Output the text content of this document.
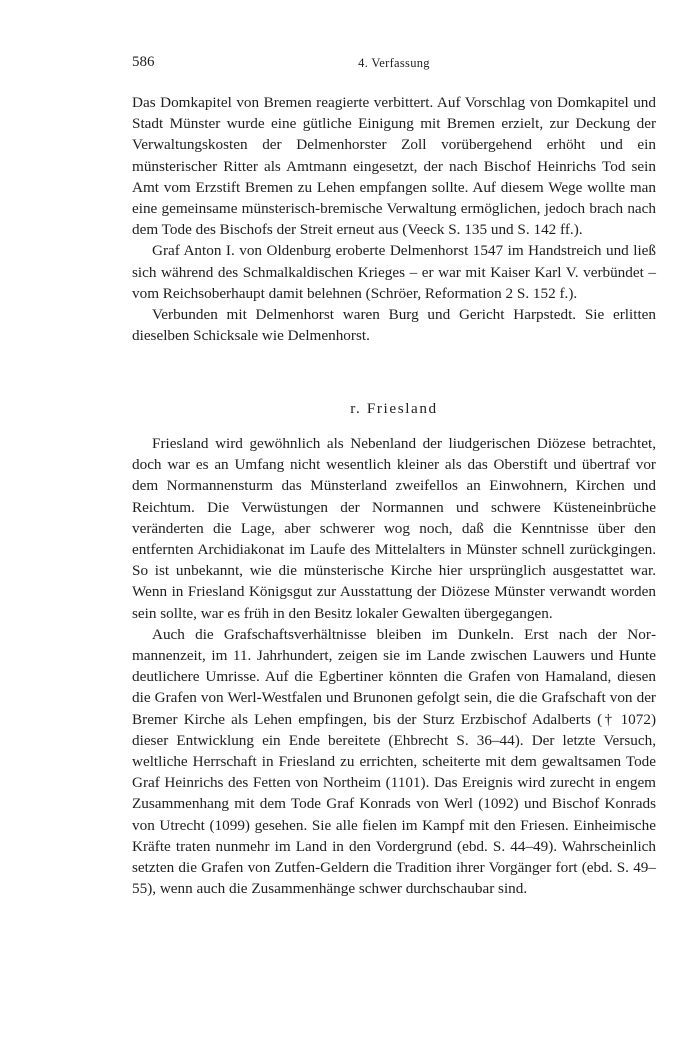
586	4. Verfassung

Das Domkapitel von Bremen reagierte verbittert. Auf Vorschlag von Domkapitel und Stadt Münster wurde eine gütliche Einigung mit Bremen erzielt, zur Deckung der Verwaltungskosten der Delmenhorster Zoll vorübergehend erhöht und ein münsterischer Ritter als Amtmann eingesetzt, der nach Bischof Heinrichs Tod sein Amt vom Erzstift Bremen zu Lehen empfangen sollte. Auf diesem Wege wollte man eine gemeinsame münsterisch-bremische Verwaltung ermöglichen, jedoch brach nach dem Tode des Bischofs der Streit erneut aus (Veeck S. 135 und S. 142 ff.).

Graf Anton I. von Oldenburg eroberte Delmenhorst 1547 im Handstreich und ließ sich während des Schmalkaldischen Krieges – er war mit Kaiser Karl V. verbündet – vom Reichsoberhaupt damit belehnen (Schröer, Reformation 2 S. 152 f.).

Verbunden mit Delmenhorst waren Burg und Gericht Harpstedt. Sie erlitten dieselben Schicksale wie Delmenhorst.

r. Friesland

Friesland wird gewöhnlich als Nebenland der liudgerischen Diözese betrachtet, doch war es an Umfang nicht wesentlich kleiner als das Oberstift und übertraf vor dem Normannensturm das Münsterland zweifellos an Einwohnern, Kirchen und Reichtum. Die Verwüstungen der Normannen und schwere Küsteneinbrüche veränderten die Lage, aber schwerer wog noch, daß die Kenntnisse über den entfernten Archidiakonat im Laufe des Mittelalters in Münster schnell zurückgingen. So ist unbekannt, wie die münsterische Kirche hier ursprünglich ausgestattet war. Wenn in Friesland Königsgut zur Ausstattung der Diözese Münster verwandt worden sein sollte, war es früh in den Besitz lokaler Gewalten übergegangen.

Auch die Grafschaftsverhältnisse bleiben im Dunkeln. Erst nach der Normannenzeit, im 11. Jahrhundert, zeigen sie im Lande zwischen Lauwers und Hunte deutlichere Umrisse. Auf die Egbertiner könnten die Grafen von Hamaland, diesen die Grafen von Werl-Westfalen und Brunonen gefolgt sein, die die Grafschaft von der Bremer Kirche als Lehen empfingen, bis der Sturz Erzbischof Adalberts († 1072) dieser Entwicklung ein Ende bereitete (Ehbrecht S. 36–44). Der letzte Versuch, weltliche Herrschaft in Friesland zu errichten, scheiterte mit dem gewaltsamen Tode Graf Heinrichs des Fetten von Northeim (1101). Das Ereignis wird zurecht in engem Zusammenhang mit dem Tode Graf Konrads von Werl (1092) und Bischof Konrads von Utrecht (1099) gesehen. Sie alle fielen im Kampf mit den Friesen. Einheimische Kräfte traten nunmehr im Land in den Vordergrund (ebd. S. 44–49). Wahrscheinlich setzten die Grafen von Zutfen-Geldern die Tradition ihrer Vorgänger fort (ebd. S. 49–55), wenn auch die Zusammenhänge schwer durchschaubar sind.
